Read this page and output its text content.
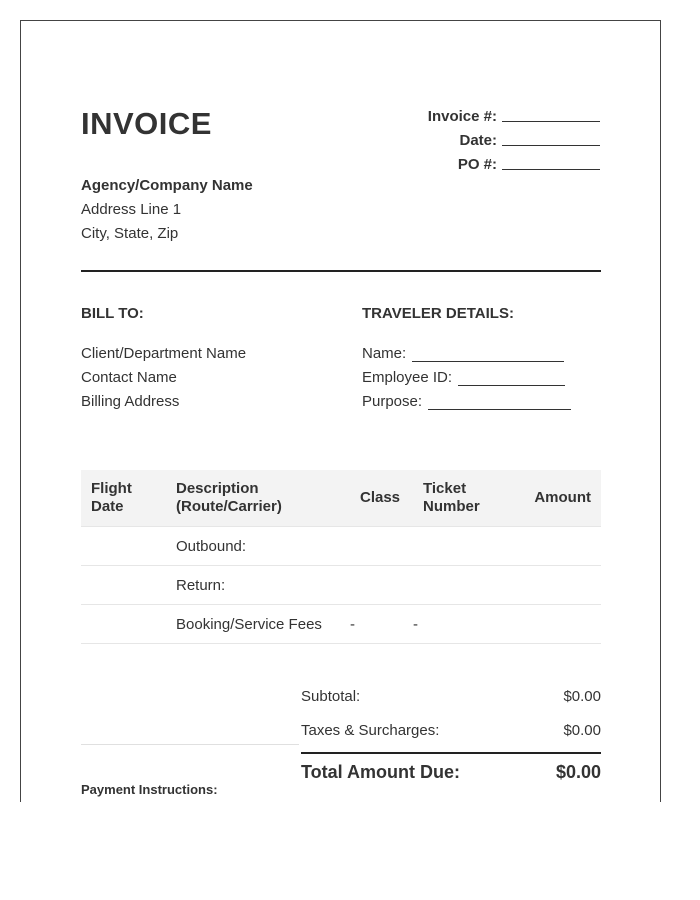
INVOICE	Invoice #:
Date:
PO #:
Agency/Company Name
Address Line 1
City, State, Zip
BILL TO:	TRAVELER DETAILS:
Client/Department Name
Contact Name
Billing Address
Name:
Employee ID:
Purpose:
Flight Date	Description (Route/Carrier)	Class	Ticket Number	Amount
	Outbound:			
	Return:			
	Booking/Service Fees	-	-	
Subtotal:	$0.00
Taxes & Surcharges:	$0.00
Total Amount Due:	$0.00
Payment Instructions:
